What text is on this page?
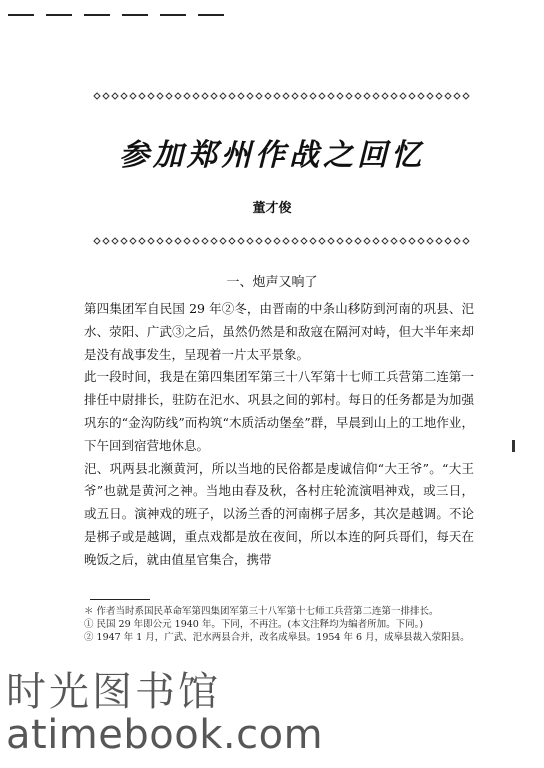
参加郑州作战之回忆
董才俊
一、炮声又响了

第四集团军自民国 29 年②冬，由晋南的中条山移防到河南的巩县、汜水、荥阳、广武③之后，虽然仍然是和敌寇在隔河对峙，但大半年来却是没有战事发生，呈现着一片太平景象。

此一段时间，我是在第四集团军第三十八军第十七师工兵营第二连第一排任中尉排长，驻防在汜水、巩县之间的郭村。每日的任务都是为加强巩东的“金沟防线”而构筑“木质活动堡垒”群，早晨到山上的工地作业，下午回到宿营地休息。

汜、巩两县北濒黄河，所以当地的民俗都是虔诚信仰“大王爷”。“大王爷”也就是黄河之神。当地由春及秋，各村庄轮流演唱神戏，或三日，或五日。演神戏的班子，以汤兰香的河南梆子居多，其次是越调。不论是梆子或是越调，重点戏都是放在夜间，所以本连的阿兵哥们，每天在晚饭之后，就由值星官集合，携带

＊ 作者当时系国民革命军第四集团军第三十八军第十七师工兵营第二连第一排排长。
① 民国 29 年即公元 1940 年。下同，不再注。(本文注释均为编者所加。下同。)
② 1947 年 1 月，广武、汜水两县合并，改名成皋县。1954 年 6 月，成皋县裁入荥阳县。
时光图书馆
atimebook.com
